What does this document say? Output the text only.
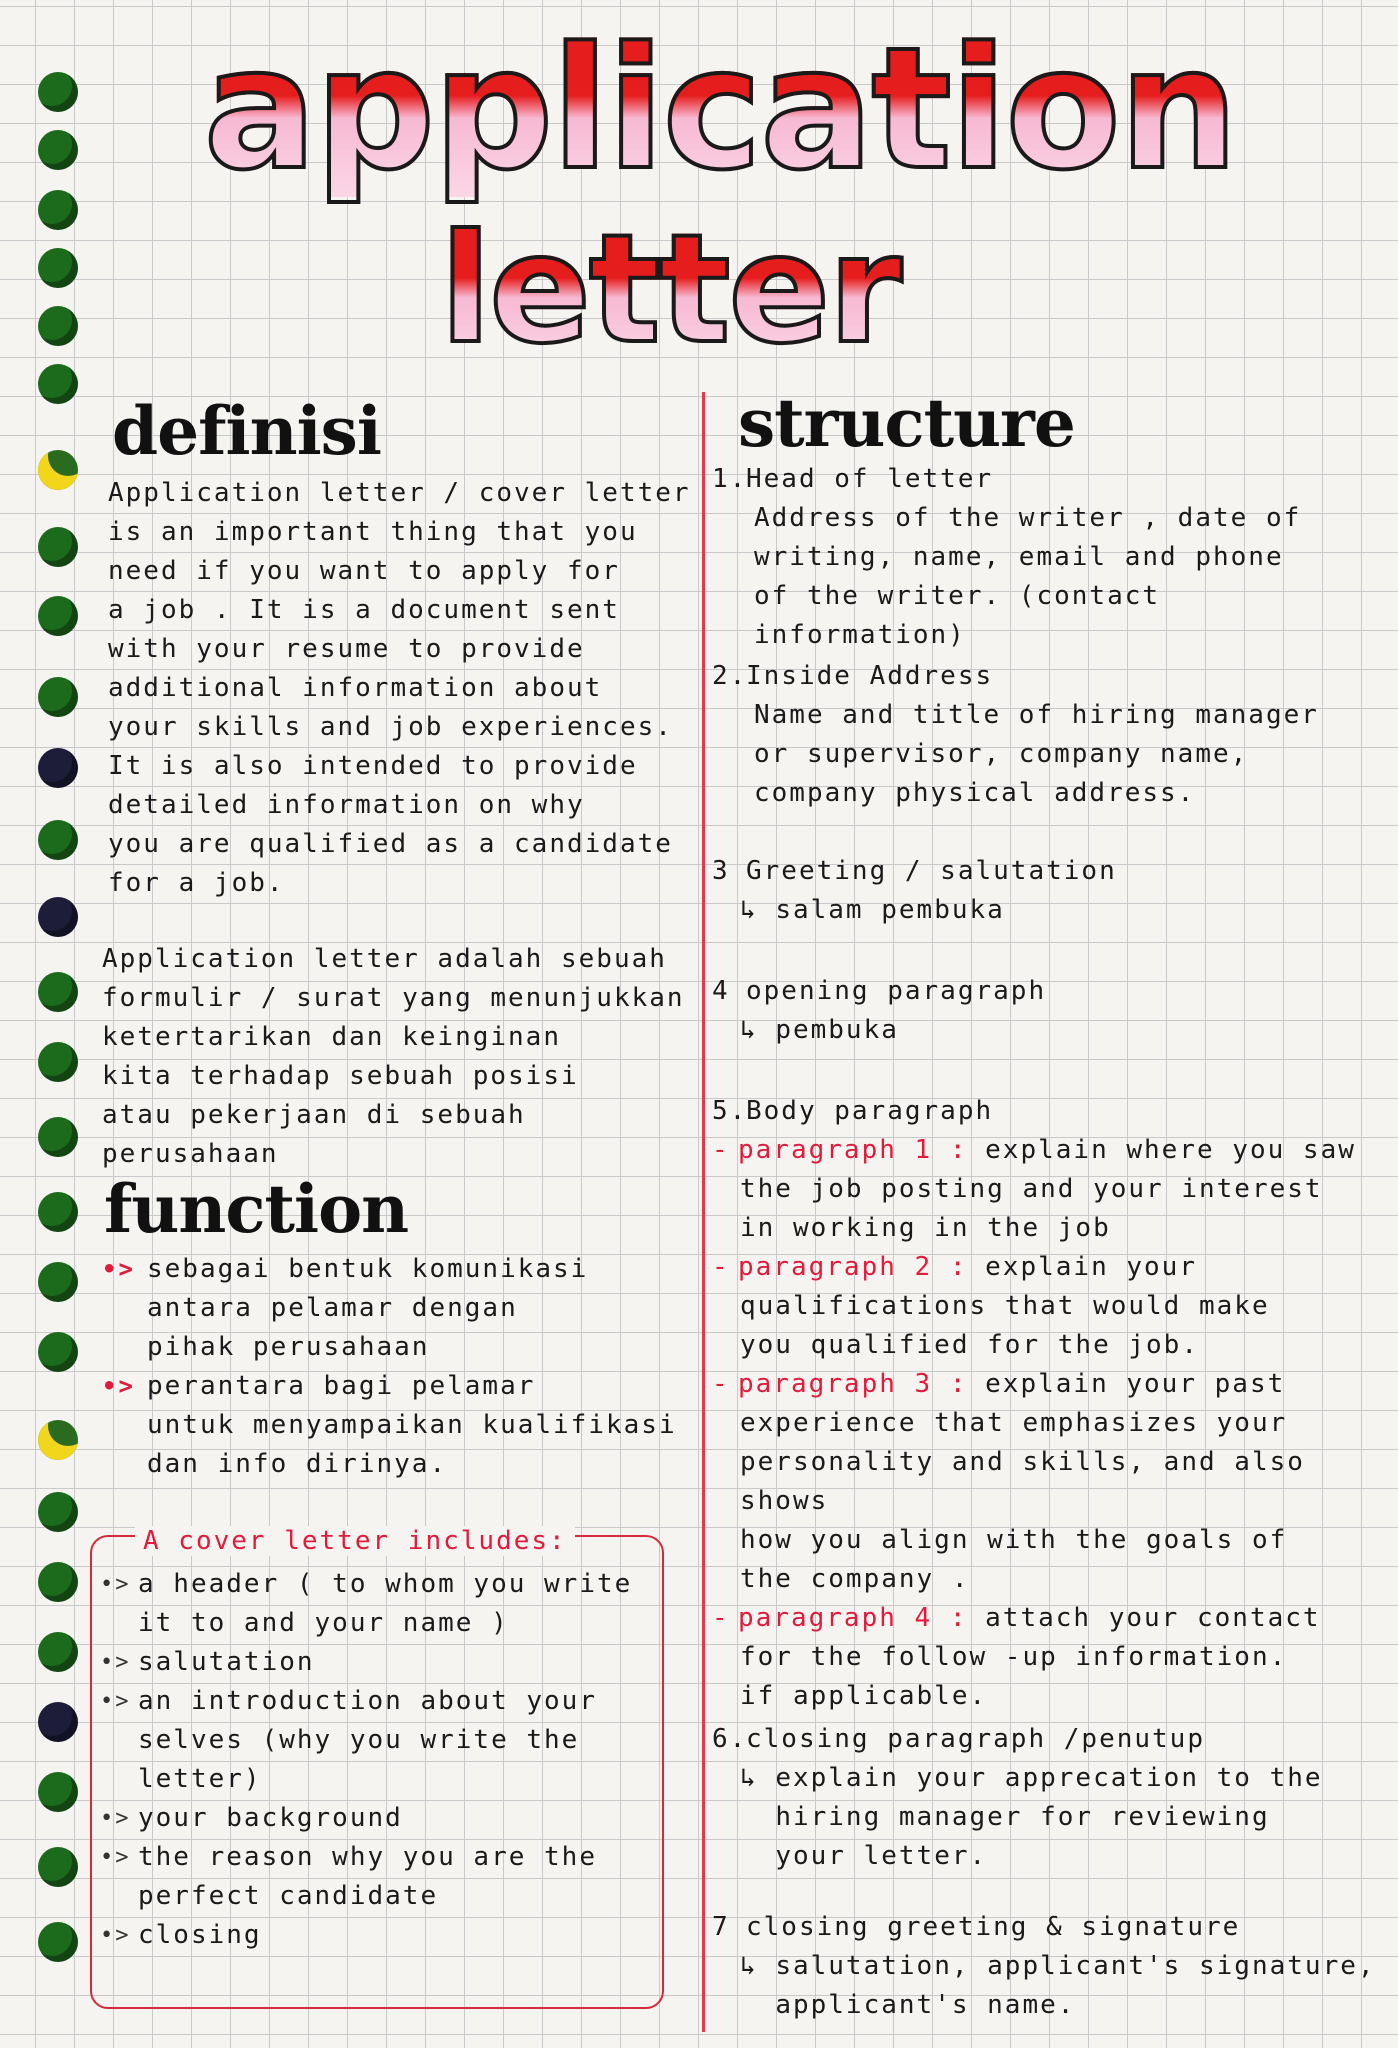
application
letter
definisi
Application letter / cover letter
is an important thing that you
need if you want to apply for
a job . It is a document sent
with your resume to provide
additional information about
your skills and job experiences.
It is also intended to provide
detailed information on why
you are qualified as a candidate
for a job.
Application letter adalah sebuah
formulir / surat yang menunjukkan
ketertarikan dan keinginan
kita terhadap sebuah posisi
atau pekerjaan di sebuah perusahaan
function
•> sebagai bentuk komunikasi
antara pelamar dengan
pihak perusahaan
•> perantara bagi pelamar
untuk menyampaikan kualifikasi
dan info dirinya.
A cover letter includes:
•> a header ( to whom you write
it to and your name )
•> salutation
•> an introduction about your
selves (why you write the
letter)
•> your background
•> the reason why you are the
perfect candidate
•> closing
structure
1.Head of letter
Address of the writer , date of
writing, name, email and phone
of the writer. (contact information)
2.Inside Address
Name and title of hiring manager
or supervisor, company name,
company physical address.
3 Greeting / salutation
↳ salam pembuka
4 opening paragraph
↳ pembuka
5.Body paragraph
- paragraph 1 : explain where you saw
the job posting and your interest
in working in the job
- paragraph 2 : explain your
qualifications that would make
you qualified for the job.
- paragraph 3 : explain your past
experience that emphasizes your
personality and skills, and also shows
how you align with the goals of
the company .
- paragraph 4 : attach your contact
for the follow -up information.
if applicable.
6.closing paragraph /penutup
↳ explain your apprecation to the
hiring manager for reviewing
your letter.
7 closing greeting & signature
↳ salutation, applicant's signature,
applicant's name.
